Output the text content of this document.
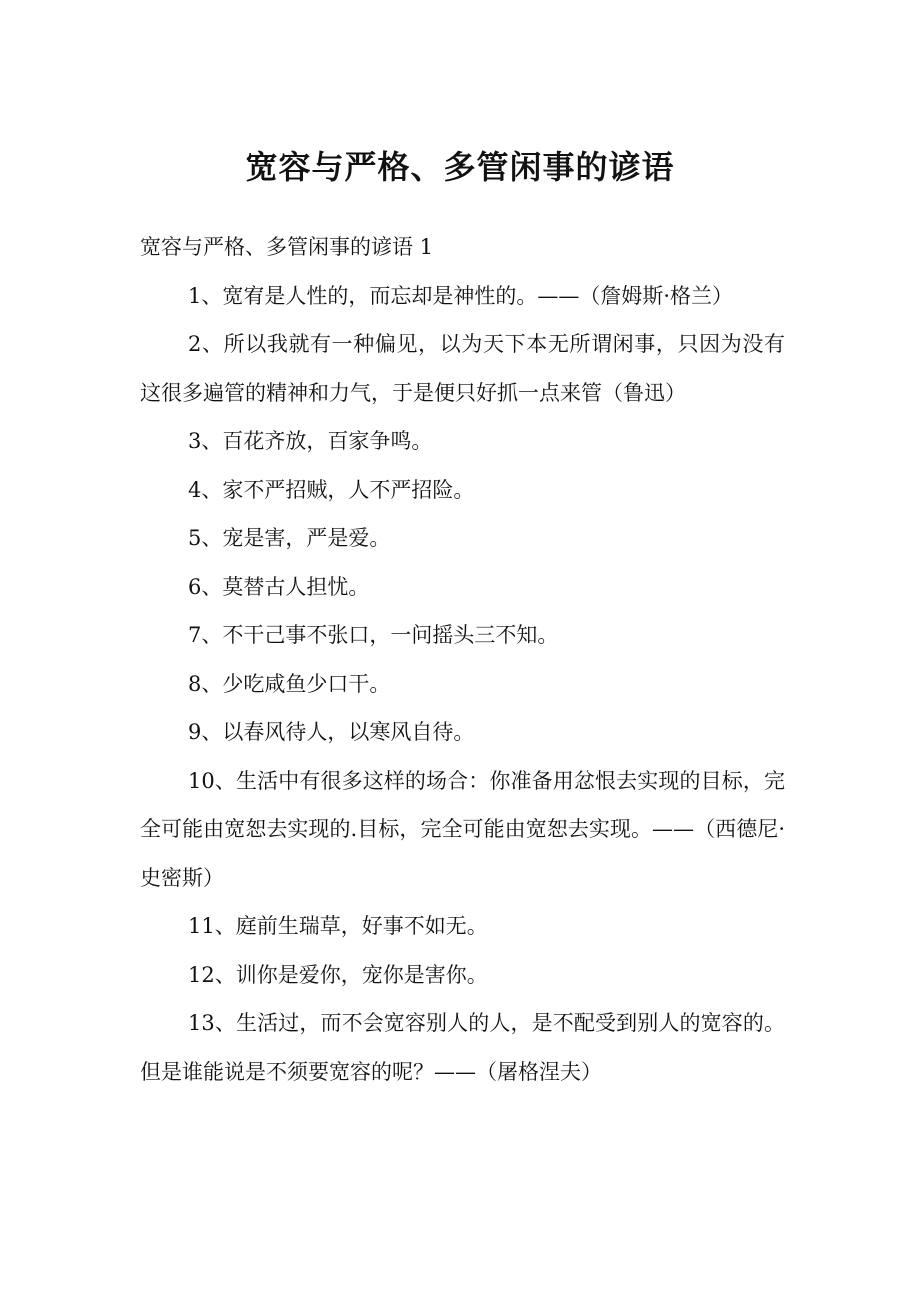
宽容与严格、多管闲事的谚语

宽容与严格、多管闲事的谚语 1

1、宽宥是人性的，而忘却是神性的。——（詹姆斯·格兰）

2、所以我就有一种偏见，以为天下本无所谓闲事，只因为没有这很多遍管的精神和力气，于是便只好抓一点来管（鲁迅）

3、百花齐放，百家争鸣。

4、家不严招贼，人不严招险。

5、宠是害，严是爱。

6、莫替古人担忧。

7、不干己事不张口，一问摇头三不知。

8、少吃咸鱼少口干。

9、以春风待人，以寒风自待。

10、生活中有很多这样的场合：你准备用忿恨去实现的目标，完全可能由宽恕去实现的.目标，完全可能由宽恕去实现。——（西德尼·史密斯）

11、庭前生瑞草，好事不如无。

12、训你是爱你，宠你是害你。

13、生活过，而不会宽容别人的人，是不配受到别人的宽容的。但是谁能说是不须要宽容的呢？——（屠格涅夫）
